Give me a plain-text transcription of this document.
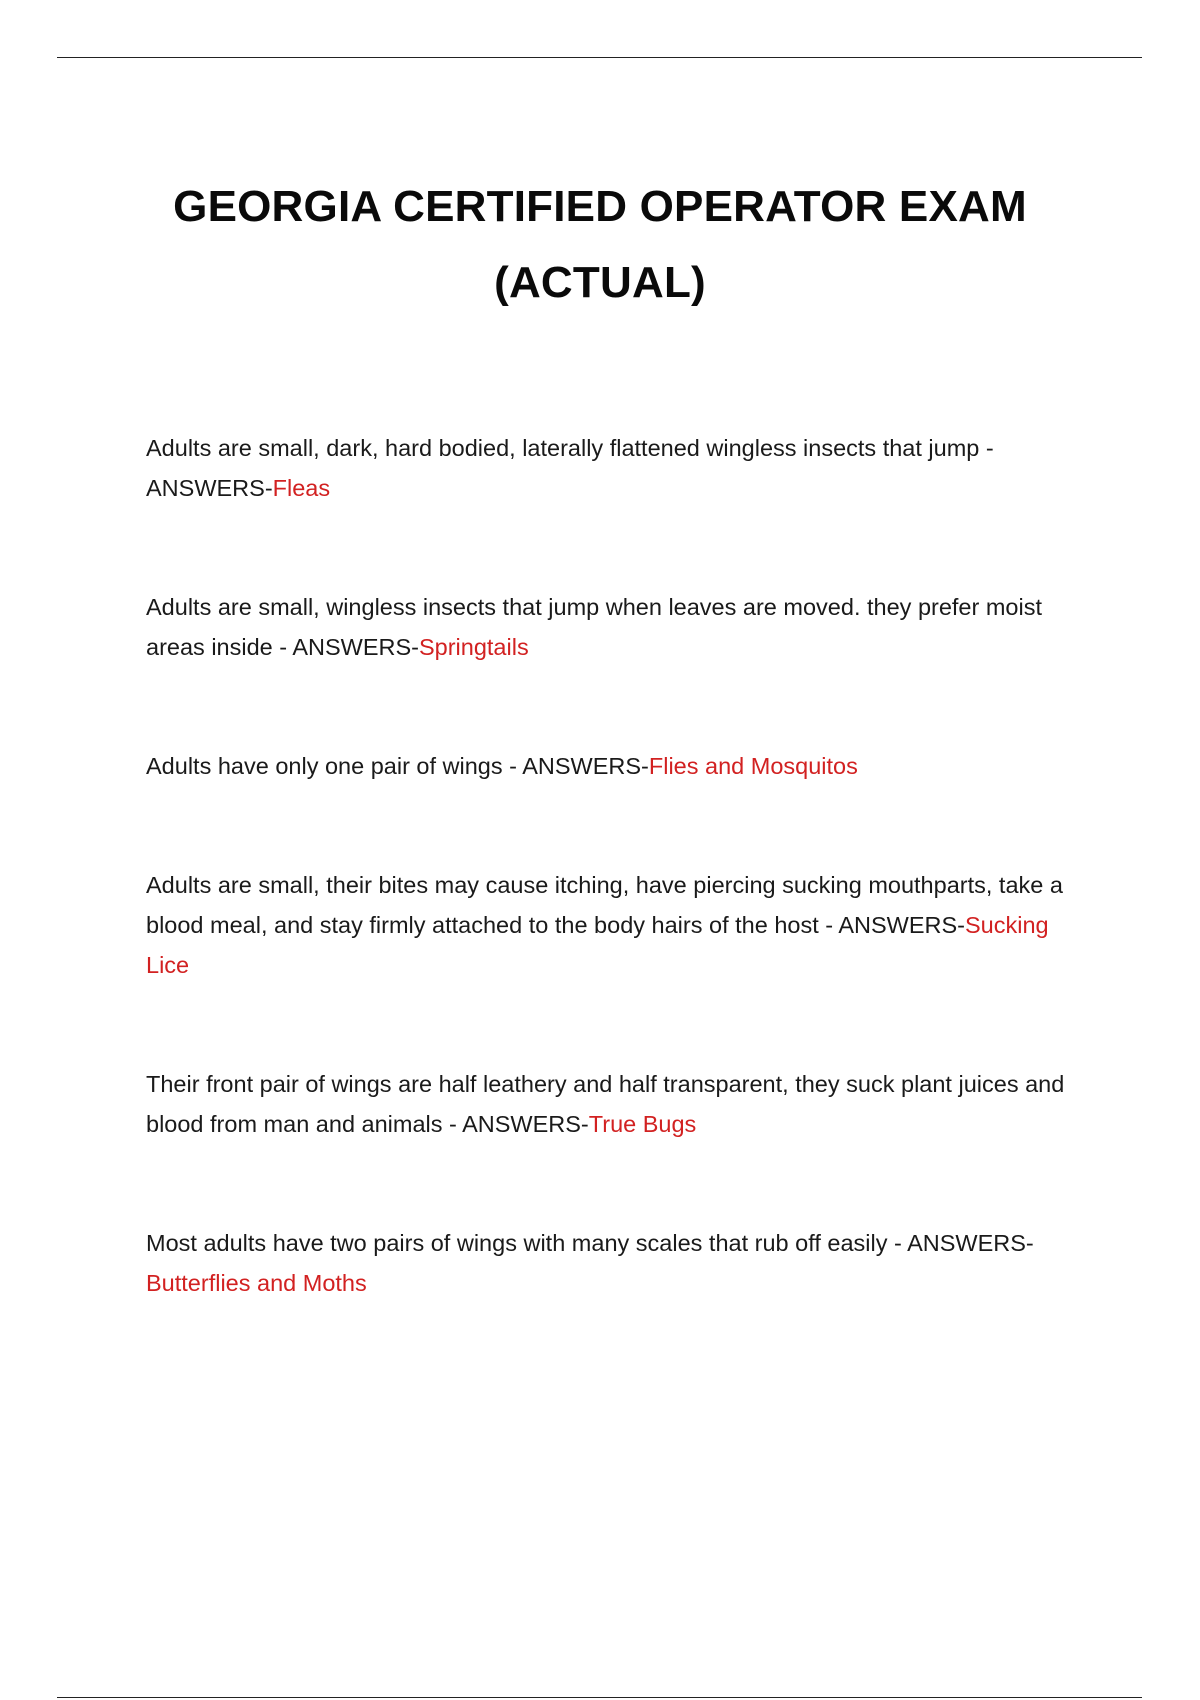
GEORGIA CERTIFIED OPERATOR EXAM
(ACTUAL)

Adults are small, dark, hard bodied, laterally flattened wingless insects that jump - ANSWERS-Fleas

Adults are small, wingless insects that jump when leaves are moved. they prefer moist areas inside - ANSWERS-Springtails

Adults have only one pair of wings - ANSWERS-Flies and Mosquitos

Adults are small, their bites may cause itching, have piercing sucking mouthparts, take a blood meal, and stay firmly attached to the body hairs of the host - ANSWERS-Sucking Lice

Their front pair of wings are half leathery and half transparent, they suck plant juices and blood from man and animals - ANSWERS-True Bugs

Most adults have two pairs of wings with many scales that rub off easily - ANSWERS-Butterflies and Moths
